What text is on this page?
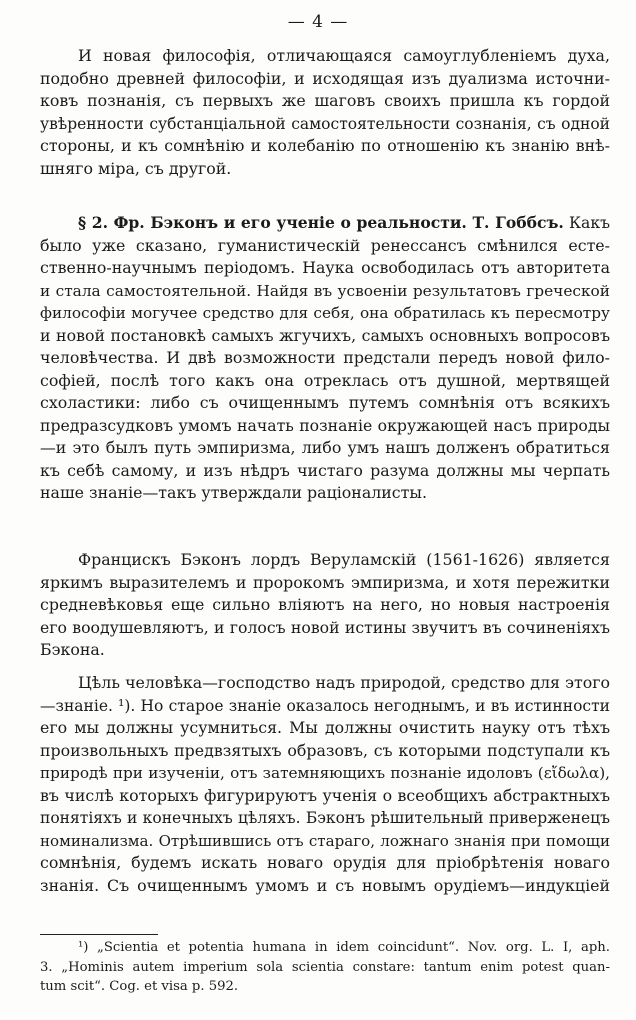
— 4 —
И новая философія, отличающаяся самоуглубленіемъ духа,
подобно древней философіи, и исходящая изъ дуализма источни-
ковъ познанія, съ первыхъ же шаговъ своихъ пришла къ гордой
увѣренности субстанціальной самостоятельности сознанія, съ одной
стороны, и къ сомнѣнію и колебанію по отношенію къ знанію внѣ-
шняго міра, съ другой.
§ 2. Фр. Бэконъ и его ученіе о реальности. Т. Гоббсъ. Какъ
было уже сказано, гуманистическій ренессансъ смѣнился есте-
ственно-научнымъ періодомъ. Наука освободилась отъ авторитета
и стала самостоятельной. Найдя въ усвоеніи результатовъ греческой
философіи могучее средство для себя, она обратилась къ пересмотру
и новой постановкѣ самыхъ жгучихъ, самыхъ основныхъ вопросовъ
человѣчества. И двѣ возможности предстали передъ новой фило-
софіей, послѣ того какъ она отреклась отъ душной, мертвящей
схоластики: либо съ очищеннымъ путемъ сомнѣнія отъ всякихъ
предразсудковъ умомъ начать познаніе окружающей насъ природы
—и это былъ путь эмпиризма, либо умъ нашъ долженъ обратиться
къ себѣ самому, и изъ нѣдръ чистаго разума должны мы черпать
наше знаніе—такъ утверждали раціоналисты.
Францискъ Бэконъ лордъ Веруламскій (1561-1626) является
яркимъ выразителемъ и пророкомъ эмпиризма, и хотя пережитки
средневѣковья еще сильно вліяютъ на него, но новыя настроенія
его воодушевляютъ, и голосъ новой истины звучитъ въ сочиненіяхъ
Бэкона.
Цѣль человѣка—господство надъ природой, средство для этого
—знаніе. ¹). Но старое знаніе оказалось негоднымъ, и въ истинности
его мы должны усумниться. Мы должны очистить науку отъ тѣхъ
произвольныхъ предвзятыхъ образовъ, съ которыми подступали къ
природѣ при изученіи, отъ затемняющихъ познаніе идоловъ (εἴδωλα),
въ числѣ которыхъ фигурируютъ ученія о всеобщихъ абстрактныхъ
понятіяхъ и конечныхъ цѣляхъ. Бэконъ рѣшительный приверженецъ
номинализма. Отрѣшившись отъ стараго, ложнаго знанія при помощи
сомнѣнія, будемъ искать новаго орудія для пріобрѣтенія новаго
знанія. Съ очищеннымъ умомъ и съ новымъ орудіемъ—индукціей
¹) „Scientia et potentia humana in idem coincidunt“. Nov. org. L. I, aph.
3. „Hominis autem imperium sola scientia constare: tantum enim potest quan-
tum scit“. Cog. et visa p. 592.
